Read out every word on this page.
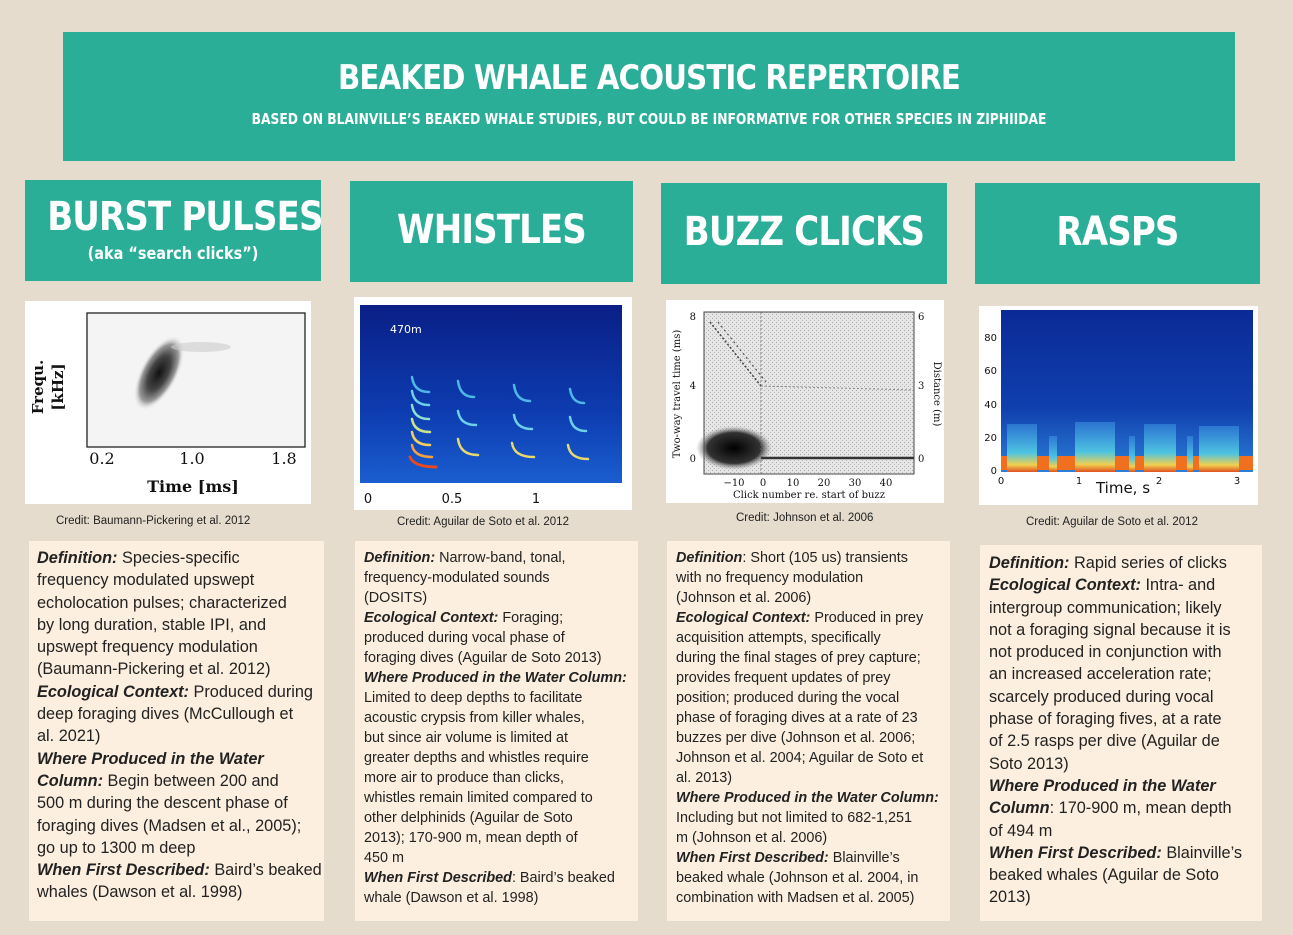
BEAKED WHALE ACOUSTIC REPERTOIRE
BASED ON BLAINVILLE’S BEAKED WHALE STUDIES, BUT COULD BE INFORMATIVE FOR OTHER SPECIES IN ZIPHIIDAE
BURST PULSES
(aka “search clicks”)
WHISTLES	BUZZ CLICKS	RASPS
Frequ. [kHz]
0.2	1.0	1.8
Time [ms]
470m
0	0.5	1
8
4
0
6
3
0
−10 0 10 20 30 40
Click number re. start of buzz
Two-way travel time (ms)	Distance (m)
80
60
40
20
0
0	1	2	3
Time, s
Credit: Baumann-Pickering et al. 2012	Credit: Aguilar de Soto et al. 2012	Credit: Johnson et al. 2006	Credit: Aguilar de Soto et al. 2012
Definition: Species-specific
frequency modulated upswept
echolocation pulses; characterized
by long duration, stable IPI, and
upswept frequency modulation
(Baumann-Pickering et al. 2012)
Ecological Context: Produced during
deep foraging dives (McCullough et
al. 2021)
Where Produced in the Water
Column: Begin between 200 and
500 m during the descent phase of
foraging dives (Madsen et al., 2005);
go up to 1300 m deep
When First Described: Baird’s beaked
whales (Dawson et al. 1998)
Definition: Narrow-band, tonal,
frequency-modulated sounds
(DOSITS)
Ecological Context: Foraging;
produced during vocal phase of
foraging dives (Aguilar de Soto 2013)
Where Produced in the Water Column:
Limited to deep depths to facilitate
acoustic crypsis from killer whales,
but since air volume is limited at
greater depths and whistles require
more air to produce than clicks,
whistles remain limited compared to
other delphinids (Aguilar de Soto
2013); 170-900 m, mean depth of
450 m
When First Described: Baird’s beaked
whale (Dawson et al. 1998)
Definition: Short (105 us) transients
with no frequency modulation
(Johnson et al. 2006)
Ecological Context: Produced in prey
acquisition attempts, specifically
during the final stages of prey capture;
provides frequent updates of prey
position; produced during the vocal
phase of foraging dives at a rate of 23
buzzes per dive (Johnson et al. 2006;
Johnson et al. 2004; Aguilar de Soto et
al. 2013)
Where Produced in the Water Column:
Including but not limited to 682-1,251
m (Johnson et al. 2006)
When First Described: Blainville’s
beaked whale (Johnson et al. 2004, in
combination with Madsen et al. 2005)
Definition: Rapid series of clicks
Ecological Context: Intra- and
intergroup communication; likely
not a foraging signal because it is
not produced in conjunction with
an increased acceleration rate;
scarcely produced during vocal
phase of foraging fives, at a rate
of 2.5 rasps per dive (Aguilar de
Soto 2013)
Where Produced in the Water
Column: 170-900 m, mean depth
of 494 m
When First Described: Blainville’s
beaked whales (Aguilar de Soto
2013)
